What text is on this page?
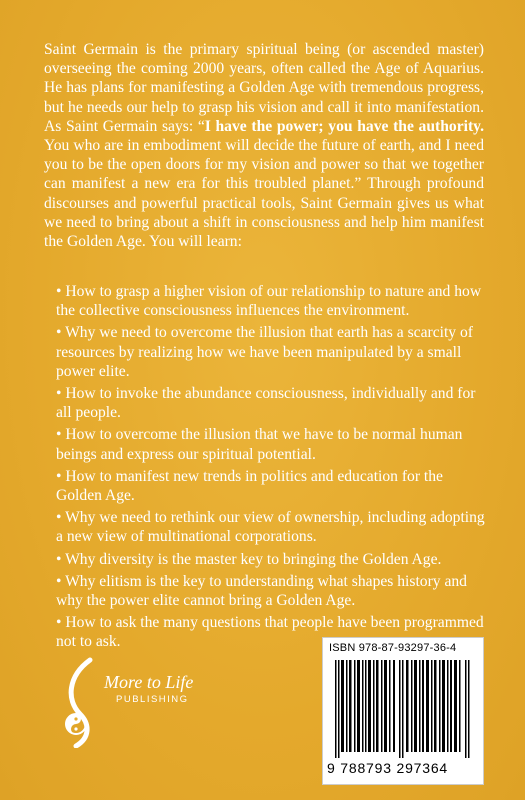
Saint Germain is the primary spiritual being (or ascended master) overseeing the coming 2000 years, often called the Age of Aquarius. He has plans for manifesting a Golden Age with tremendous progress, but he needs our help to grasp his vision and call it into manifestation. As Saint Germain says: “I have the power; you have the authority. You who are in embodiment will decide the future of earth, and I need you to be the open doors for my vision and power so that we together can manifest a new era for this troubled planet.” Through profound discourses and powerful practical tools, Saint Germain gives us what we need to bring about a shift in consciousness and help him manifest the Golden Age. You will learn:

• How to grasp a higher vision of our relationship to nature and how the collective consciousness influences the environment.
• Why we need to overcome the illusion that earth has a scarcity of resources by realizing how we have been manipulated by a small power elite.
• How to invoke the abundance consciousness, individually and for all people.
• How to overcome the illusion that we have to be normal human beings and express our spiritual potential.
• How to manifest new trends in politics and education for the Golden Age.
• Why we need to rethink our view of ownership, including adopting a new view of multinational corporations.
• Why diversity is the master key to bringing the Golden Age.
• Why elitism is the key to understanding what shapes history and why the power elite cannot bring a Golden Age.
• How to ask the many questions that people have been programmed not to ask.
More to Life
PUBLISHING
ISBN 978-87-93297-36-4
9 788793 297364
